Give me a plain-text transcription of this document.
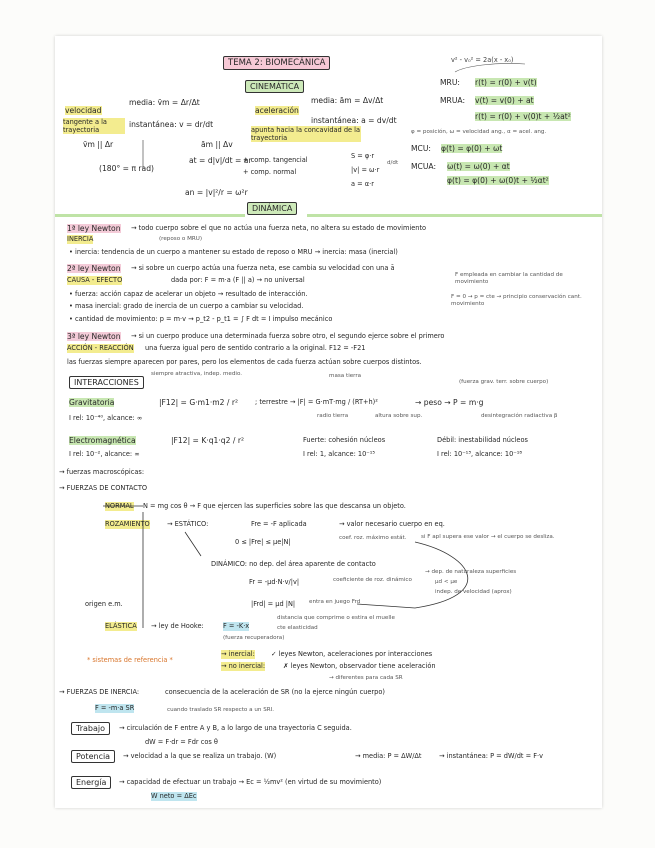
TEMA 2: BIOMECÁNICA	v² - v₀² = 2a(x - x₀)
CINEMÁTICA
velocidad
tangente a la trayectoria
media: v̄m = Δr/Δt
instantánea: v = dr/dt
v̄m || Δr
aceleración
apunta hacia la concavidad de la trayectoria
media: ām = Δv/Δt
instantánea: a = dv/dt
ām || Δv
at = d|v|/dt = ar
+ comp. tangencial
+ comp. normal
(180° = π rad)
an = |v|²/r = ω²r
S = φ·r
|v| = ω·r
a = α·r
d/dt
MRU: r(t) = r(0) + v(t)
MRUA: v(t) = v(0) + at
r(t) = r(0) + v(0)t + ½at²
φ = posición, ω = velocidad ang., α = acel. ang.
MCU: φ(t) = φ(0) + ωt
MCUA: ω(t) = ω(0) + αt
φ(t) = φ(0) + ω(0)t + ½αt²
DINÁMICA
1ª ley Newton → todo cuerpo sobre el que no actúa una fuerza neta, no altera su estado de movimiento
INERCIA	(reposo o MRU)
• inercia: tendencia de un cuerpo a mantener su estado de reposo o MRU → inercia: masa (inercial)
2ª ley Newton → si sobre un cuerpo actúa una fuerza neta, ese cambia su velocidad con una ā
CAUSA - EFECTO	dada por: F = m·a (F || a) → no universal
• fuerza: acción capaz de acelerar un objeto → resultado de interacción.
• masa inercial: grado de inercia de un cuerpo a cambiar su velocidad.
• cantidad de movimiento: p = m·v → p_t2 - p_t1 = ∫ F dt = I impulso mecánico
F empleada en cambiar la cantidad de movimiento
F = 0 → p = cte → principio conservación cant. movimiento
3ª ley Newton → si un cuerpo produce una determinada fuerza sobre otro, el segundo ejerce sobre el primero
ACCIÓN - REACCIÓN una fuerza igual pero de sentido contrario a la original. F12 = -F21
las fuerzas siempre aparecen por pares, pero los elementos de cada fuerza actúan sobre cuerpos distintos.
INTERACCIONES
siempre atractiva, indep. medio.	masa tierra
(fuerza grav. terr. sobre cuerpo)
Gravitatoria	|F12| = G·m1·m2 / r²	; terrestre → |F| = G·mT·mg / (RT+h)²	→ peso → P = m·g
radio tierra	altura sobre sup.	desintegración radiactiva β
I rel: 10⁻⁴⁰, alcance: ∞
Electromagnética	|F12| = K·q1·q2 / r²	Fuerte: cohesión núcleos	Débil: inestabilidad núcleos
I rel: 10⁻², alcance: ∞	I rel: 1, alcance: 10⁻¹⁵	I rel: 10⁻¹³, alcance: 10⁻¹⁸
→ fuerzas macroscópicas:
→ FUERZAS DE CONTACTO
NORMAL N = mg cos θ → F que ejercen las superficies sobre las que descansa un objeto.
ROZAMIENTO	→ ESTÁTICO:	Fre = -F aplicada	→ valor necesario cuerpo en eq.
0 ≤ |Fre| ≤ μe|N|	coef. roz. máximo estát.	si F apl supera ese valor → el cuerpo se desliza.
DINÁMICO: no dep. del área aparente de contacto
Fr = -μd·N·v/|v|	coeficiente de roz. dinámico
→ dep. de naturaleza superficies
μd < μe
indep. de velocidad (aprox)
origen e.m.	|Frd| = μd |N| entra en juego Frd
ELÁSTICA → ley de Hooke:	F = -K·x
distancia que comprime o estira el muelle
cte elasticidad
(fuerza recuperadora)
* sistemas de referencia *
→ inercial: ✓ leyes Newton, aceleraciones por interacciones
→ no inercial:	✗ leyes Newton, observador tiene aceleración
→ diferentes para cada SR
→ FUERZAS DE INERCIA:	consecuencia de la aceleración de SR (no la ejerce ningún cuerpo)
F = -m·a SR	cuando traslado SR respecto a un SRI.
Trabajo	→ circulación de F entre A y B, a lo largo de una trayectoria C seguida.
dW = F·dr = Fdr cos θ
Potencia	→ velocidad a la que se realiza un trabajo. (W)	→ media: P = ΔW/Δt	→ instantánea: P = dW/dt = F·v
Energía	→ capacidad de efectuar un trabajo → Ec = ½mv² (en virtud de su movimiento)
W neto = ΔEc
